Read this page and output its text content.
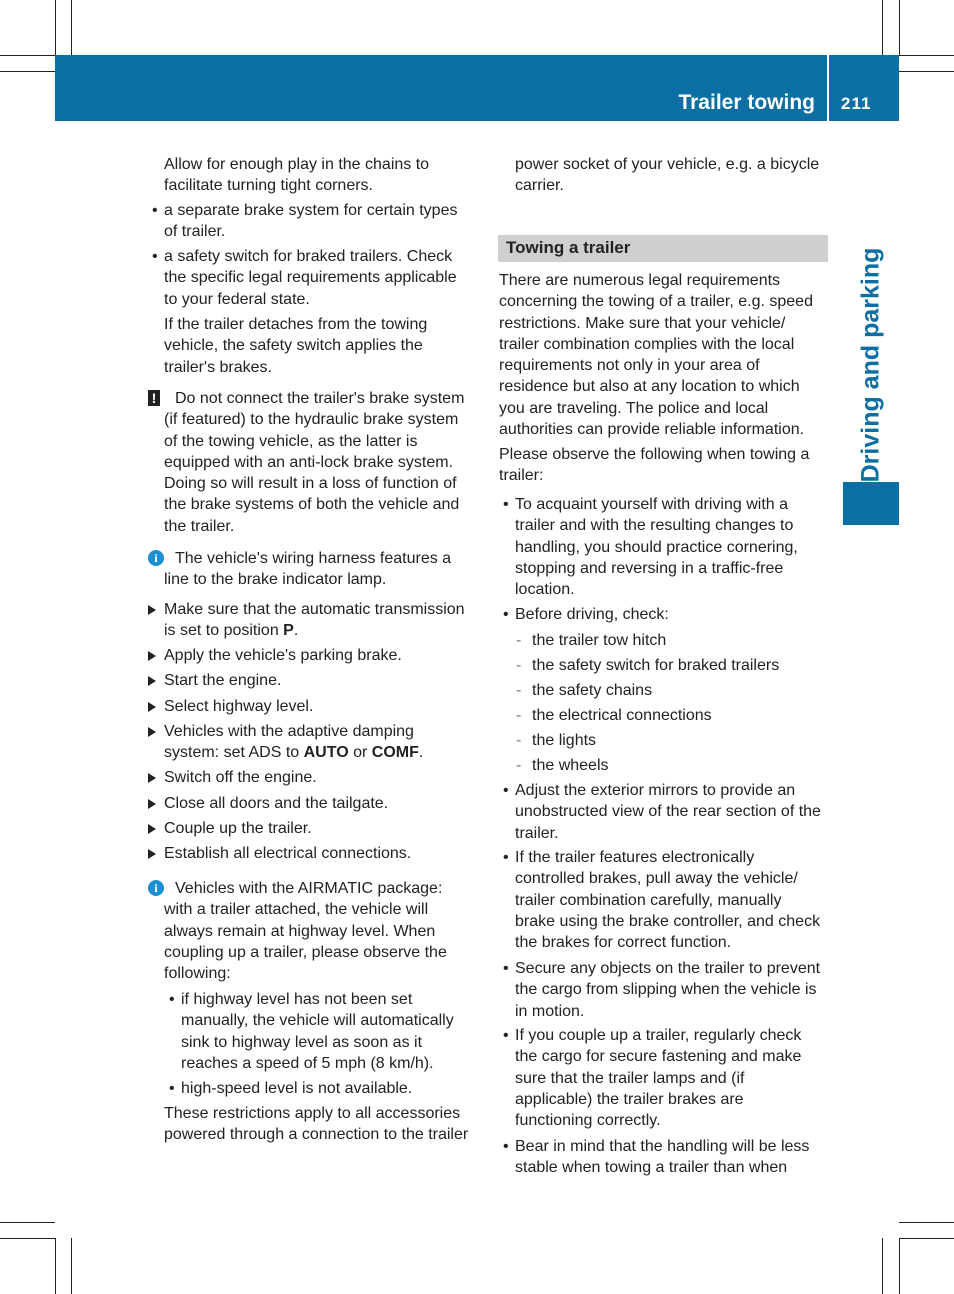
Trailer towing 211
Driving and parking

Allow for enough play in the chains to

facilitate turning tight corners.

• a separate brake system for certain types

of trailer.

• a safety switch for braked trailers. Check

the specific legal requirements applicable

to your federal state.

If the trailer detaches from the towing

vehicle, the safety switch applies the

trailer's brakes.

!	Do not connect the trailer's brake system

(if featured) to the hydraulic brake system

of the towing vehicle, as the latter is

equipped with an anti-lock brake system.

Doing so will result in a loss of function of

the brake systems of both the vehicle and

the trailer.

i	The vehicle's wiring harness features a

line to the brake indicator lamp.

Make sure that the automatic transmission

is set to position P.

Apply the vehicle's parking brake.

Start the engine.

Select highway level.

Vehicles with the adaptive damping

system: set ADS to AUTO or COMF.

Switch off the engine.

Close all doors and the tailgate.

Couple up the trailer.

Establish all electrical connections.

i	Vehicles with the AIRMATIC package:

with a trailer attached, the vehicle will

always remain at highway level. When

coupling up a trailer, please observe the

following:

• if highway level has not been set

manually, the vehicle will automatically

sink to highway level as soon as it

reaches a speed of 5 mph (8 km/h).

• high-speed level is not available.

These restrictions apply to all accessories

powered through a connection to the trailer

power socket of your vehicle, e.g. a bicycle

carrier.

Towing a trailer

There are numerous legal requirements

concerning the towing of a trailer, e.g. speed

restrictions. Make sure that your vehicle/

trailer combination complies with the local

requirements not only in your area of

residence but also at any location to which

you are traveling. The police and local

authorities can provide reliable information.

Please observe the following when towing a

trailer:

• To acquaint yourself with driving with a

trailer and with the resulting changes to

handling, you should practice cornering,

stopping and reversing in a traffic-free

location.

• Before driving, check:

- the trailer tow hitch

- the safety switch for braked trailers

- the safety chains

- the electrical connections

- the lights

- the wheels

• Adjust the exterior mirrors to provide an

unobstructed view of the rear section of the

trailer.

• If the trailer features electronically

controlled brakes, pull away the vehicle/

trailer combination carefully, manually

brake using the brake controller, and check

the brakes for correct function.

• Secure any objects on the trailer to prevent

the cargo from slipping when the vehicle is

in motion.

• If you couple up a trailer, regularly check

the cargo for secure fastening and make

sure that the trailer lamps and (if

applicable) the trailer brakes are

functioning correctly.

• Bear in mind that the handling will be less

stable when towing a trailer than when
